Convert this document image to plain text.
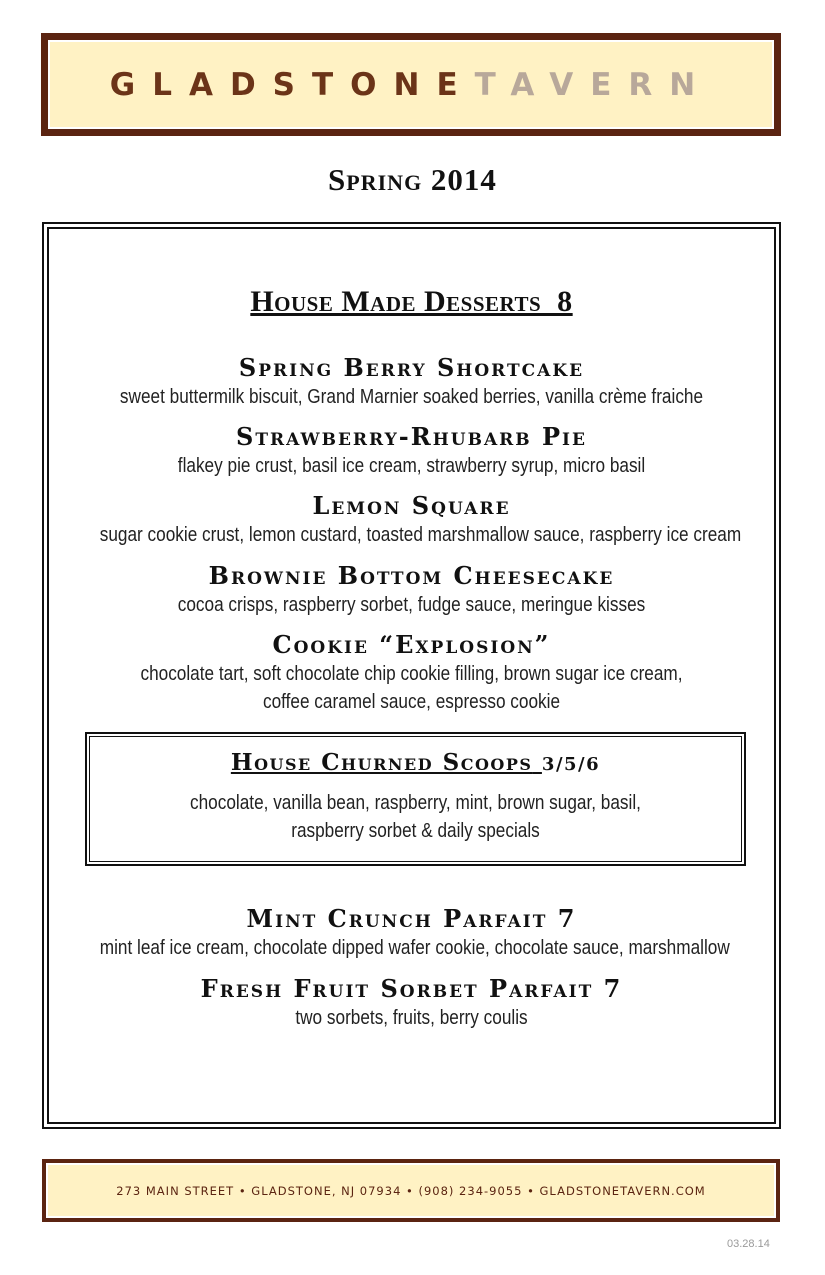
GLADSTONETAVERN
Spring 2014
House Made Desserts  8
Spring Berry Shortcake
sweet buttermilk biscuit, Grand Marnier soaked berries, vanilla crème fraiche
Strawberry-Rhubarb Pie
flakey pie crust, basil ice cream, strawberry syrup, micro basil
Lemon Square
sugar cookie crust, lemon custard, toasted marshmallow sauce, raspberry ice cream
Brownie Bottom Cheesecake
cocoa crisps, raspberry sorbet, fudge sauce, meringue kisses
Cookie “Explosion”
chocolate tart, soft chocolate chip cookie filling, brown sugar ice cream,
coffee caramel sauce, espresso cookie
House Churned Scoops 3/5/6
chocolate, vanilla bean, raspberry, mint, brown sugar, basil,
raspberry sorbet & daily specials
Mint Crunch Parfait 7
mint leaf ice cream, chocolate dipped wafer cookie, chocolate sauce, marshmallow
Fresh Fruit Sorbet Parfait 7
two sorbets, fruits, berry coulis
273 MAIN STREET • GLADSTONE, NJ 07934 • (908) 234-9055 • GLADSTONETAVERN.COM
03.28.14
